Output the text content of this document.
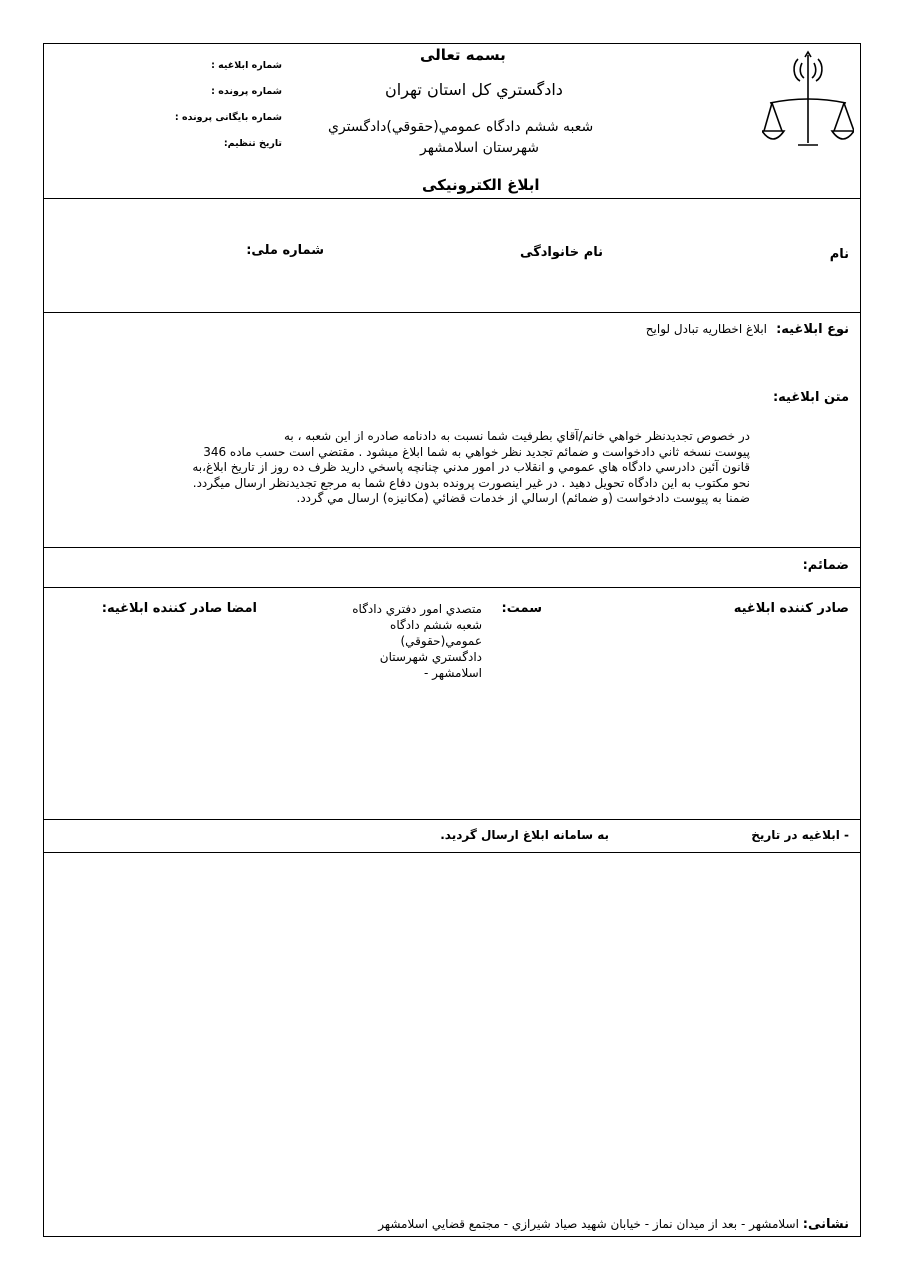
بسمه تعالی
دادگستري کل استان تهران
شعبه ششم دادگاه عمومي(حقوقي)دادگستري
شهرستان اسلامشهر
ابلاغ الکترونيکی
شماره ابلاغيه :
شماره پرونده :
شماره بايگانی پرونده :
تاريخ تنظيم:
نام
نام خانوادگی
شماره ملی:
نوع ابلاغيه:
ابلاغ اخطاريه تبادل لوايح
متن ابلاغيه:

در خصوص تجديدنظر خواهي خانم/آقاي بطرفيت شما نسبت به دادنامه صادره از اين شعبه ، به

پيوست نسخه ثاني دادخواست و ضمائم تجديد نظر خواهي به شما ابلاغ ميشود . مقتضي است حسب ماده 346

قانون آئين دادرسي دادگاه هاي عمومي و انقلاب در امور مدني چنانچه پاسخي داريد ظرف ده روز از تاريخ ابلاغ،به

نحو مكتوب به اين دادگاه تحويل دهيد . در غير اينصورت پرونده بدون دفاع شما به مرجع تجديدنظر ارسال ميگردد.

ضمنا به پيوست دادخواست (و ضمائم) ارسالي از خدمات قضائي (مكانيزه) ارسال مي گردد.

ضمائم:
صادر کننده ابلاغيه
سمت:
متصدي امور دفتري دادگاه
شعبه ششم دادگاه
عمومي(حقوقي)
دادگستري شهرستان
اسلامشهر -
امضا صادر کننده ابلاغيه:
- ابلاغيه در تاريخ
به سامانه ابلاغ ارسال گرديد.
نشانی: اسلامشهر - بعد از ميدان نماز - خيابان شهيد صياد شيرازي - مجتمع قضايي اسلامشهر
